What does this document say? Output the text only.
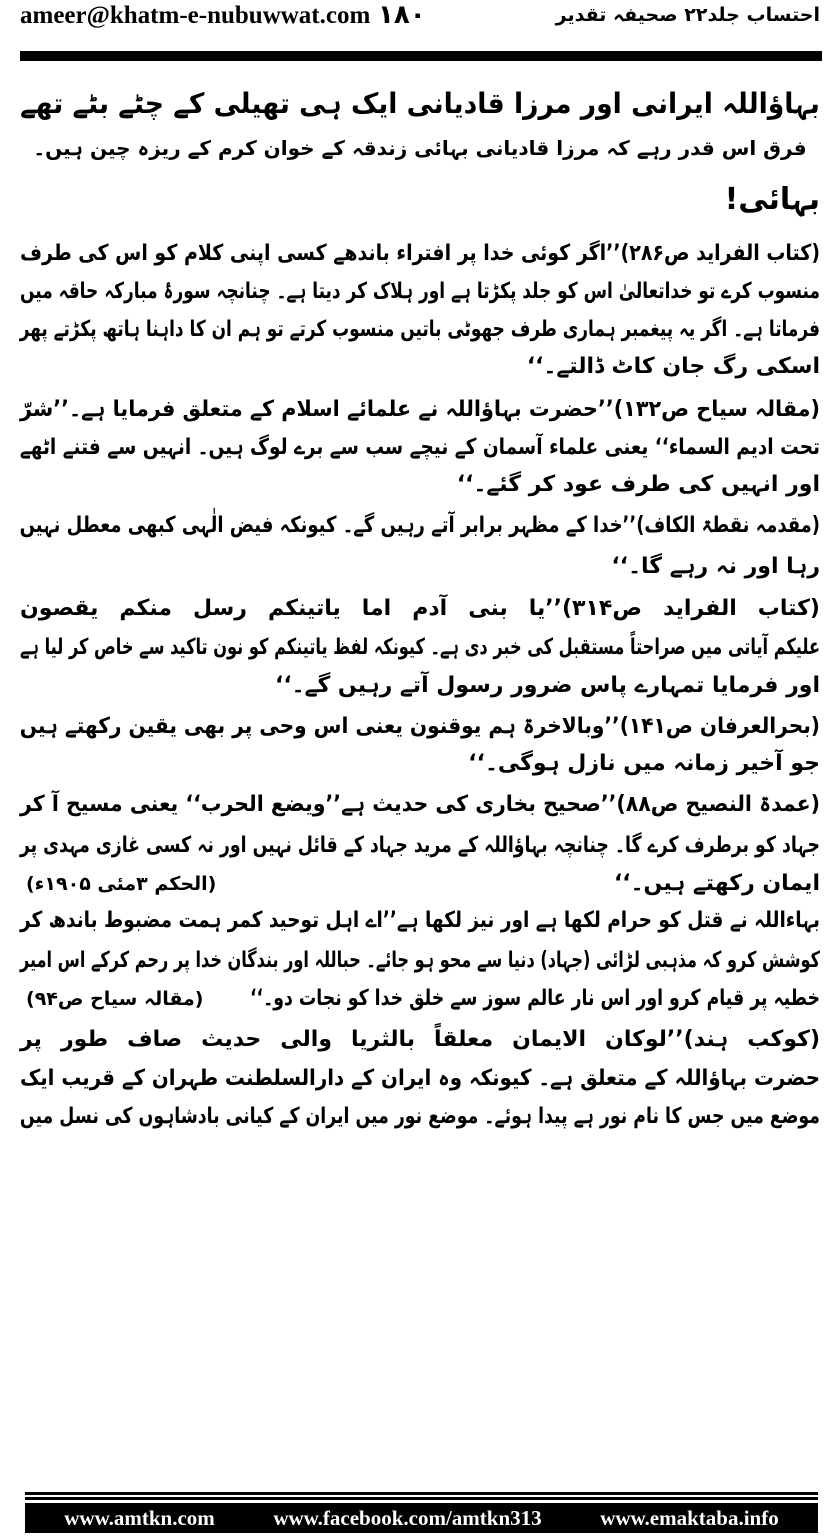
ameer@khatm-e-nubuwwat.com ۱۸۰	احتساب جلد۲۲ صحیفہ تقدیر
بہاؤاللہ ایرانی اور مرزا قادیانی ایک ہی تھیلی کے چٹے بٹے تھے
فرق اس قدر رہے کہ مرزا قادیانی بہائی زندقہ کے خوان کرم کے ریزہ چین ہیں۔
بہائی!
(کتاب الفراید ص۲۸۶)’’اگر کوئی خدا پر افتراء باندھے کسی اپنی کلام کو اس کی طرف
منسوب کرے تو خداتعالیٰ اس کو جلد پکڑتا ہے اور ہلاک کر دیتا ہے۔ چنانچہ سورۂ مبارکہ حاقہ میں
فرماتا ہے۔ اگر یہ پیغمبر ہماری طرف جھوٹی باتیں منسوب کرتے تو ہم ان کا داہنا ہاتھ پکڑتے پھر
اسکی رگ جان کاٹ ڈالتے۔‘‘
(مقالہ سیاح ص۱۳۲)’’حضرت بہاؤاللہ نے علمائے اسلام کے متعلق فرمایا ہے۔’’شرّ
تحت ادیم السماء‘‘ یعنی علماء آسمان کے نیچے سب سے برے لوگ ہیں۔ انہیں سے فتنے اٹھے
اور انہیں کی طرف عود کر گئے۔‘‘
(مقدمہ نقطۃ الکاف)’’خدا کے مظہر برابر آتے رہیں گے۔ کیونکہ فیض الٰہی کبھی معطل نہیں
رہا اور نہ رہے گا۔‘‘
(کتاب الفراید ص۳۱۴)’’یا بنی آدم اما یاتینکم رسل منکم یقصون
علیکم آیاتی میں صراحتاً مستقبل کی خبر دی ہے۔ کیونکہ لفظ یاتینکم کو نون تاکید سے خاص کر لیا ہے
اور فرمایا تمہارے پاس ضرور رسول آتے رہیں گے۔‘‘
(بحرالعرفان ص۱۴۱)’’وبالاخرۃ ہم یوقنون یعنی اس وحی پر بھی یقین رکھتے ہیں
جو آخیر زمانہ میں نازل ہوگی۔‘‘
(عمدۃ النصیح ص۸۸)’’صحیح بخاری کی حدیث ہے’’ویضع الحرب‘‘ یعنی مسیح آ کر
جہاد کو برطرف کرے گا۔ چنانچہ بہاؤاللہ کے مرید جہاد کے قائل نہیں اور نہ کسی غازی مہدی پر
ایمان رکھتے ہیں۔‘‘
(الحکم ۳مئی ۱۹۰۵ء)
بہاءاللہ نے قتل کو حرام لکھا ہے اور نیز لکھا ہے’’اے اہل توحید کمر ہمت مضبوط باندھ کر
کوشش کرو کہ مذہبی لڑائی (جہاد) دنیا سے محو ہو جائے۔ حباللہ اور بندگان خدا پر رحم کرکے اس امیر
خطیہ پر قیام کرو اور اس نار عالم سوز سے خلق خدا کو نجات دو۔‘‘
(مقالہ سیاح ص۹۴)
(کوکب ہند)’’لوکان الایمان معلقاً بالثریا والی حدیث صاف طور پر
حضرت بہاؤاللہ کے متعلق ہے۔ کیونکہ وہ ایران کے دارالسلطنت طہران کے قریب ایک
موضع میں جس کا نام نور ہے پیدا ہوئے۔ موضع نور میں ایران کے کیانی بادشاہوں کی نسل میں
www.amtkn.com	www.facebook.com/amtkn313	www.emaktaba.info
